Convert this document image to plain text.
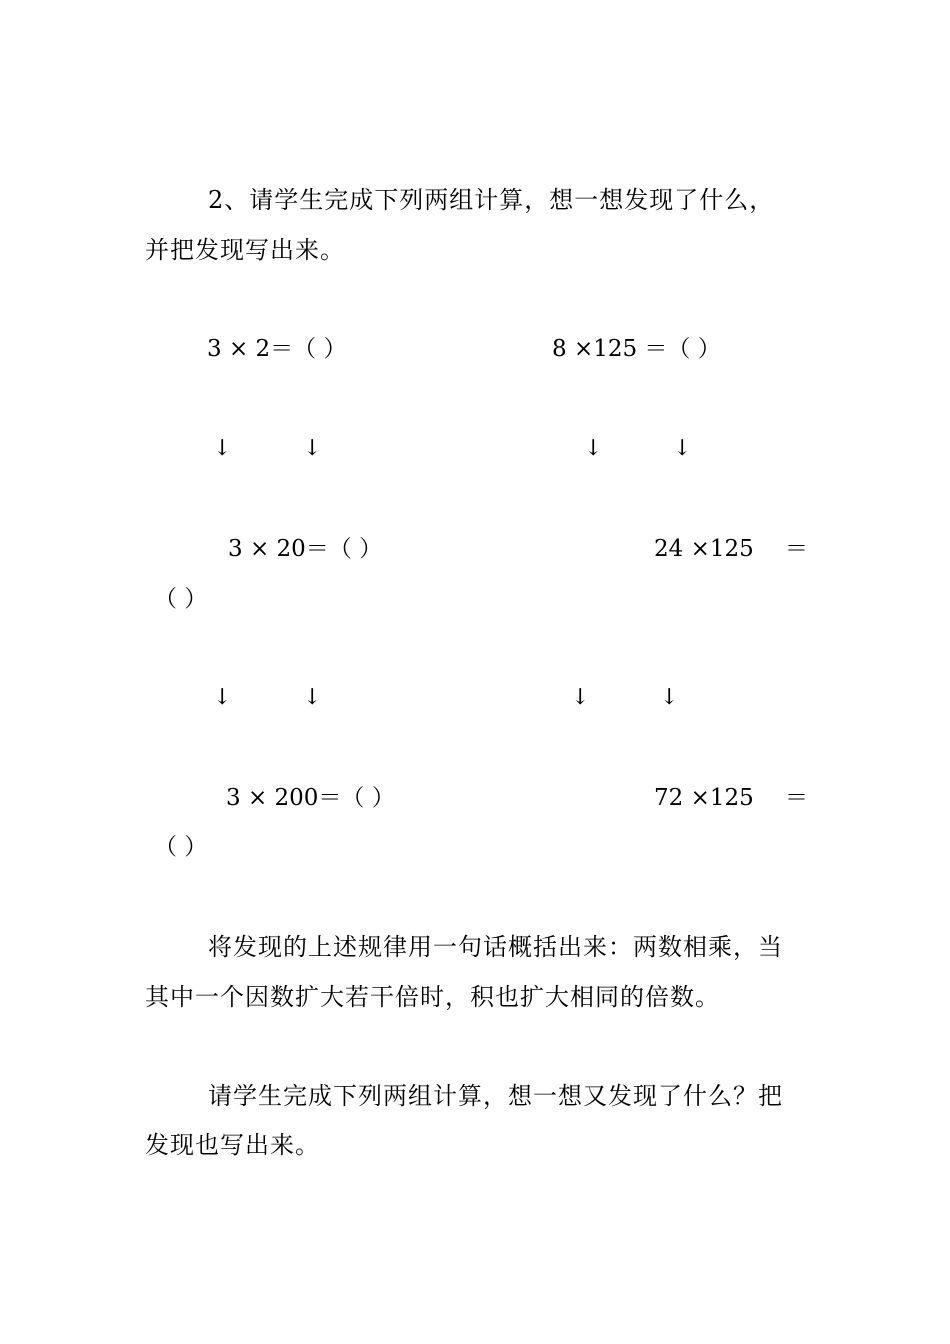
2、请学生完成下列两组计算，想一想发现了什么，
并把发现写出来。
3 × 2＝（ ）	8 ×125 ＝（ ）
↓	↓	↓	↓
3 × 20＝（ ）	24 ×125 ＝
（ ）
↓	↓	↓	↓
3 × 200＝（ ）	72 ×125 ＝
（ ）
将发现的上述规律用一句话概括出来：两数相乘，当
其中一个因数扩大若干倍时，积也扩大相同的倍数。
请学生完成下列两组计算，想一想又发现了什么？把
发现也写出来。
